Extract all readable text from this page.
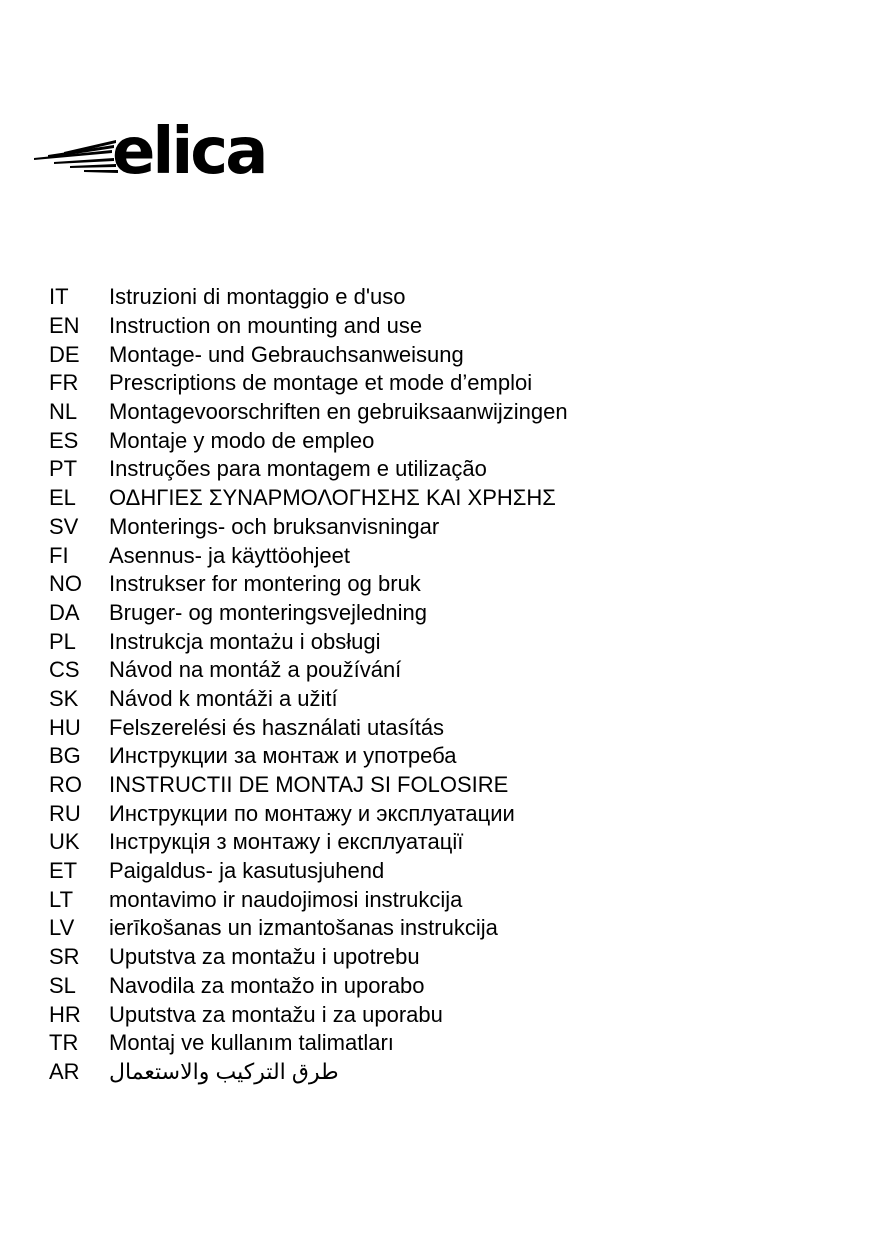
elica
IT	Istruzioni di montaggio e d'uso
EN	Instruction on mounting and use
DE	Montage- und Gebrauchsanweisung
FR	Prescriptions de montage et mode d’emploi
NL	Montagevoorschriften en gebruiksaanwijzingen
ES	Montaje y modo de empleo
PT	Instruções para montagem e utilização
EL	ΟΔΗΓΙΕΣ ΣΥΝΑΡΜΟΛΟΓΗΣΗΣ ΚΑΙ ΧΡΗΣΗΣ
SV	Monterings- och bruksanvisningar
FI	Asennus- ja käyttöohjeet
NO	Instrukser for montering og bruk
DA	Bruger- og monteringsvejledning
PL	Instrukcja montażu i obsługi
CS	Návod na montáž a používání
SK	Návod k montáži a užití
HU	Felszerelési és használati utasítás
BG	Инструкции за монтаж и употреба
RO	INSTRUCTII DE MONTAJ SI FOLOSIRE
RU	Инструкции по монтажу и эксплуатации
UK	Інструкція з монтажу і експлуатації
ET	Paigaldus- ja kasutusjuhend
LT	montavimo ir naudojimosi instrukcija
LV	ierīkošanas un izmantošanas instrukcija
SR	Uputstva za montažu i upotrebu
SL	Navodila za montažo in uporabo
HR	Uputstva za montažu i za uporabu
TR	Montaj ve kullanım talimatları
AR	طرق التركيب والاستعمال
